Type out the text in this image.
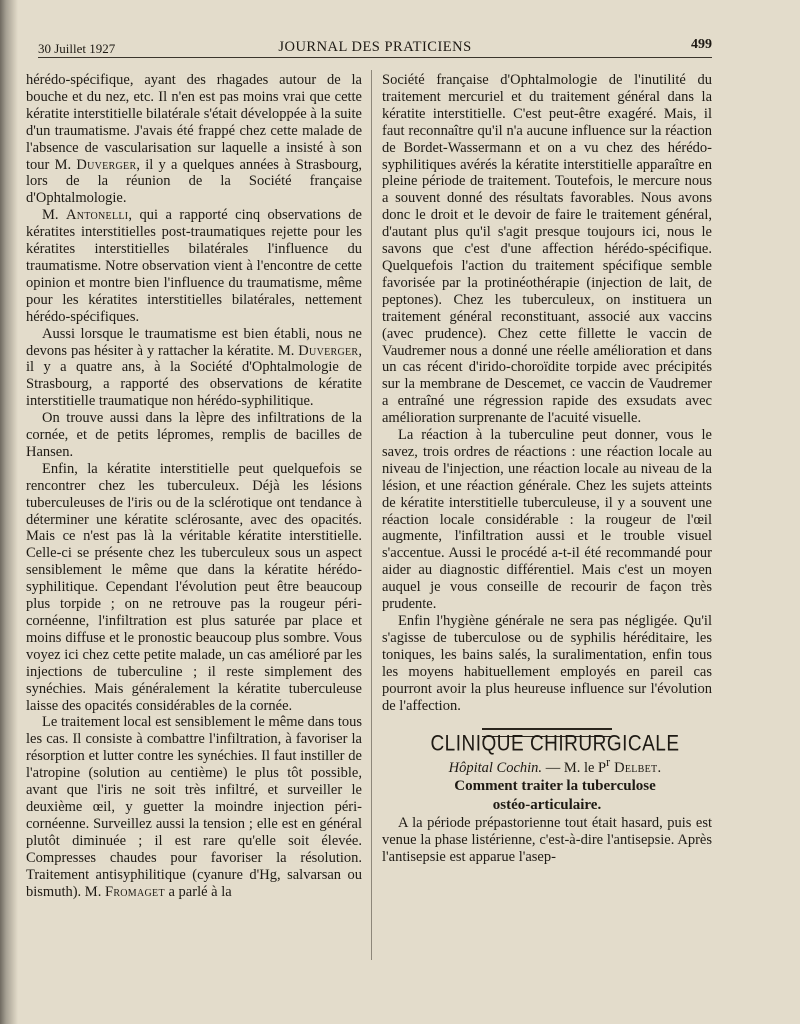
30 Juillet 1927	JOURNAL DES PRATICIENS	499

hérédo-spécifique, ayant des rhagades autour de la bouche et du nez, etc. Il n'en est pas moins vrai que cette kératite interstitielle bilatérale s'était développée à la suite d'un traumatisme. J'avais été frappé chez cette malade de l'absence de vascularisation sur laquelle a insisté à son tour M. Duverger, il y a quelques années à Strasbourg, lors de la réunion de la Société française d'Ophtalmologie.

M. Antonelli, qui a rapporté cinq observations de kératites interstitielles post-traumatiques rejette pour les kératites interstitielles bilatérales l'influence du traumatisme. Notre observation vient à l'encontre de cette opinion et montre bien l'influence du traumatisme, même pour les kératites interstitielles bilatérales, nettement hérédo-spécifiques.

Aussi lorsque le traumatisme est bien établi, nous ne devons pas hésiter à y rattacher la kératite. M. Duverger, il y a quatre ans, à la Société d'Ophtalmologie de Strasbourg, a rapporté des observations de kératite interstitielle traumatique non hérédo-syphilitique.

On trouve aussi dans la lèpre des infiltrations de la cornée, et de petits lépromes, remplis de bacilles de Hansen.

Enfin, la kératite interstitielle peut quelquefois se rencontrer chez les tuberculeux. Déjà les lésions tuberculeuses de l'iris ou de la sclérotique ont tendance à déterminer une kératite sclérosante, avec des opacités. Mais ce n'est pas là la véritable kératite interstitielle. Celle-ci se présente chez les tuberculeux sous un aspect sensiblement le même que dans la kératite hérédo-syphilitique. Cependant l'évolution peut être beaucoup plus torpide ; on ne retrouve pas la rougeur péri-cornéenne, l'infiltration est plus saturée par place et moins diffuse et le pronostic beaucoup plus sombre. Vous voyez ici chez cette petite malade, un cas amélioré par les injections de tuberculine ; il reste simplement des synéchies. Mais généralement la kératite tuberculeuse laisse des opacités considérables de la cornée.

Le traitement local est sensiblement le même dans tous les cas. Il consiste à combattre l'infiltration, à favoriser la résorption et lutter contre les synéchies. Il faut instiller de l'atropine (solution au centième) le plus tôt possible, avant que l'iris ne soit très infiltré, et surveiller le deuxième œil, y guetter la moindre injection péri-cornéenne. Surveillez aussi la tension ; elle est en général plutôt diminuée ; il est rare qu'elle soit élevée. Compresses chaudes pour favoriser la résolution. Traitement antisyphilitique (cyanure d'Hg, salvarsan ou bismuth). M. Fromaget a parlé à la

Société française d'Ophtalmologie de l'inutilité du traitement mercuriel et du traitement général dans la kératite interstitielle. C'est peut-être exagéré. Mais, il faut reconnaître qu'il n'a aucune influence sur la réaction de Bordet-Wassermann et on a vu chez des hérédo-syphilitiques avérés la kératite interstitielle apparaître en pleine période de traitement. Toutefois, le mercure nous a souvent donné des résultats favorables. Nous avons donc le droit et le devoir de faire le traitement général, d'autant plus qu'il s'agit presque toujours ici, nous le savons que c'est d'une affection hérédo-spécifique. Quelquefois l'action du traitement spécifique semble favorisée par la protinéothérapie (injection de lait, de peptones). Chez les tuberculeux, on instituera un traitement général reconstituant, associé aux vaccins (avec prudence). Chez cette fillette le vaccin de Vaudremer nous a donné une réelle amélioration et dans un cas récent d'irido-choroïdite torpide avec précipités sur la membrane de Descemet, ce vaccin de Vaudremer a entraîné une régression rapide des exsudats avec amélioration surprenante de l'acuité visuelle.

La réaction à la tuberculine peut donner, vous le savez, trois ordres de réactions : une réaction locale au niveau de l'injection, une réaction locale au niveau de la lésion, et une réaction générale. Chez les sujets atteints de kératite interstitielle tuberculeuse, il y a souvent une réaction locale considérable : la rougeur de l'œil augmente, l'infiltration aussi et le trouble visuel s'accentue. Aussi le procédé a-t-il été recommandé pour aider au diagnostic différentiel. Mais c'est un moyen auquel je vous conseille de recourir de façon très prudente.

Enfin l'hygiène générale ne sera pas négligée. Qu'il s'agisse de tuberculose ou de syphilis héréditaire, les toniques, les bains salés, la suralimentation, enfin tous les moyens habituellement employés en pareil cas pourront avoir la plus heureuse influence sur l'évolution de l'affection.

CLINIQUE CHIRURGICALE

Hôpital Cochin. — M. le $P^r$ Delbet.

Comment traiter la tuberculose
ostéo-articulaire.

A la période prépastorienne tout était hasard, puis est venue la phase listérienne, c'est-à-dire l'antisepsie. Après l'antisepsie est apparue l'asep-
